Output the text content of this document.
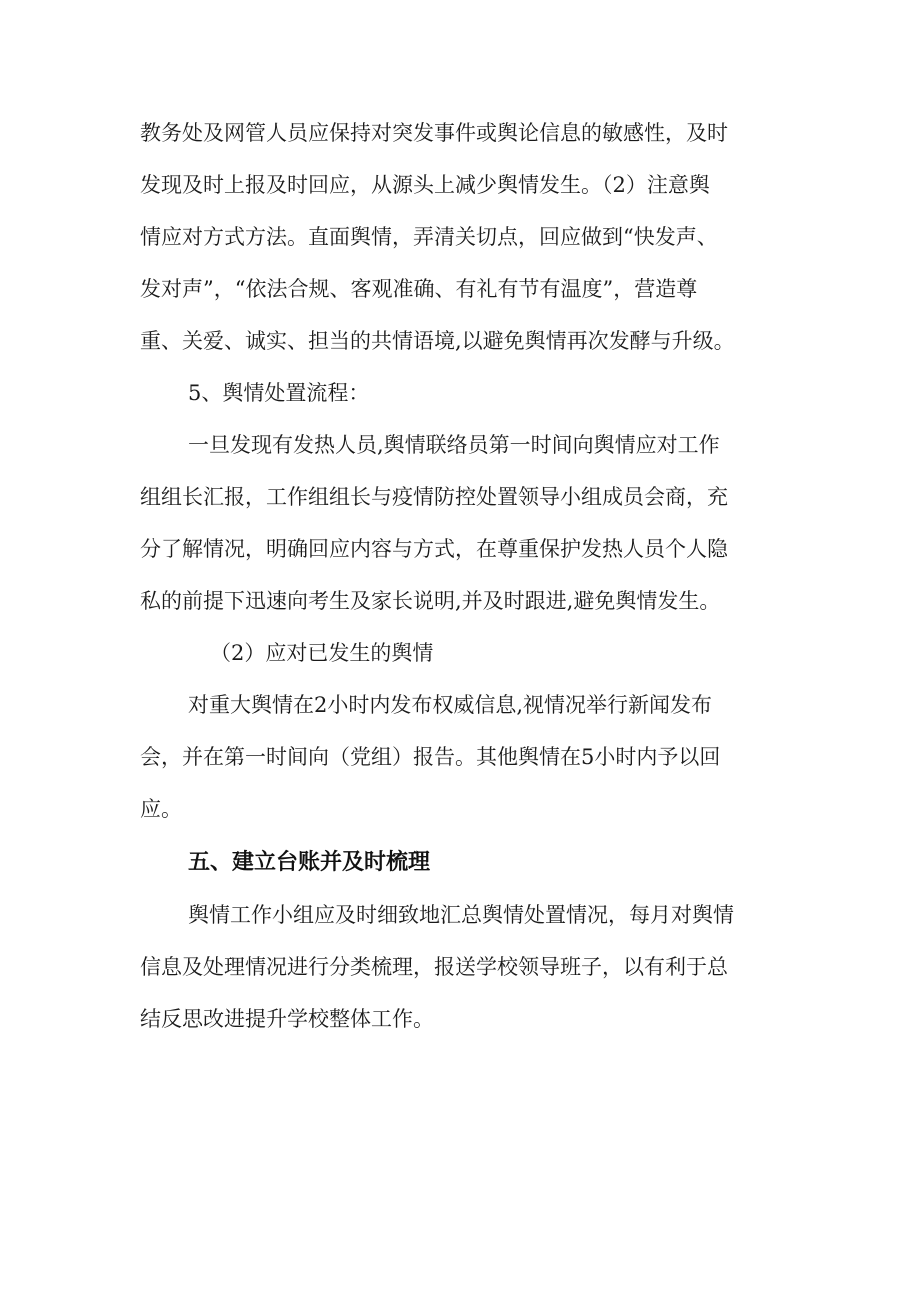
教务处及网管人员应保持对突发事件或舆论信息的敏感性，及时
发现及时上报及时回应，从源头上减少舆情发生。（2）注意舆
情应对方式方法。直面舆情，弄清关切点，回应做到“快发声、
发对声”，“依法合规、客观准确、有礼有节有温度”，营造尊
重、关爱、诚实、担当的共情语境,以避免舆情再次发酵与升级。
5、舆情处置流程：
一旦发现有发热人员,舆情联络员第一时间向舆情应对工作
组组长汇报，工作组组长与疫情防控处置领导小组成员会商，充
分了解情况，明确回应内容与方式，在尊重保护发热人员个人隐
私的前提下迅速向考生及家长说明,并及时跟进,避免舆情发生。
（2）应对已发生的舆情
对重大舆情在2小时内发布权威信息,视情况举行新闻发布
会，并在第一时间向（党组）报告。其他舆情在5小时内予以回
应。
五、建立台账并及时梳理
舆情工作小组应及时细致地汇总舆情处置情况，每月对舆情
信息及处理情况进行分类梳理，报送学校领导班子，以有利于总
结反思改进提升学校整体工作。
